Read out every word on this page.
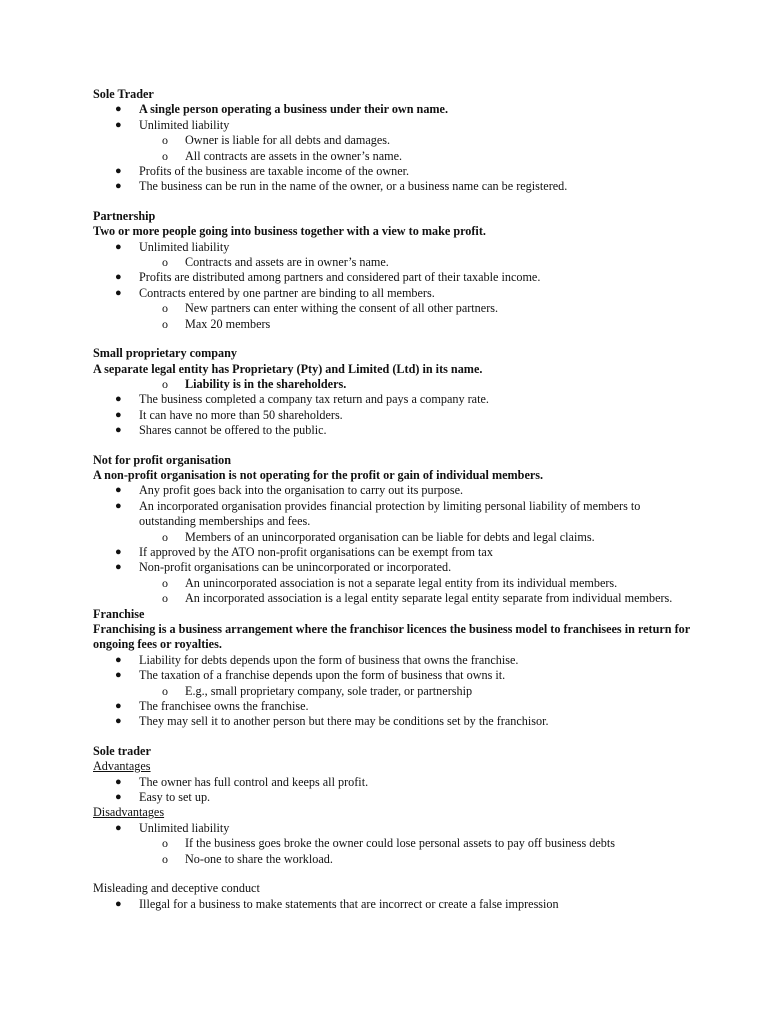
Sole Trader

● A single person operating a business under their own name.
● Unlimited liability
o Owner is liable for all debts and damages.
o All contracts are assets in the owner’s name.
● Profits of the business are taxable income of the owner.
● The business can be run in the name of the owner, or a business name can be registered.

Partnership

Two or more people going into business together with a view to make profit.

● Unlimited liability
o Contracts and assets are in owner’s name.
● Profits are distributed among partners and considered part of their taxable income.
● Contracts entered by one partner are binding to all members.
o New partners can enter withing the consent of all other partners.
o Max 20 members

Small proprietary company

A separate legal entity has Proprietary (Pty) and Limited (Ltd) in its name.

o Liability is in the shareholders.
● The business completed a company tax return and pays a company rate.
● It can have no more than 50 shareholders.
● Shares cannot be offered to the public.

Not for profit organisation

A non-profit organisation is not operating for the profit or gain of individual members.

● Any profit goes back into the organisation to carry out its purpose.
● An incorporated organisation provides financial protection by limiting personal liability of members to outstanding memberships and fees.
o Members of an unincorporated organisation can be liable for debts and legal claims.
● If approved by the ATO non-profit organisations can be exempt from tax
● Non-profit organisations can be unincorporated or incorporated.
o An unincorporated association is not a separate legal entity from its individual members.
o An incorporated association is a legal entity separate legal entity separate from individual members.

Franchise

Franchising is a business arrangement where the franchisor licences the business model to franchisees in return for ongoing fees or royalties.

● Liability for debts depends upon the form of business that owns the franchise.
● The taxation of a franchise depends upon the form of business that owns it.
o E.g., small proprietary company, sole trader, or partnership
● The franchisee owns the franchise.
● They may sell it to another person but there may be conditions set by the franchisor.

Sole trader

Advantages

● The owner has full control and keeps all profit.
● Easy to set up.

Disadvantages

● Unlimited liability
o If the business goes broke the owner could lose personal assets to pay off business debts
o No-one to share the workload.

Misleading and deceptive conduct

● Illegal for a business to make statements that are incorrect or create a false impression
